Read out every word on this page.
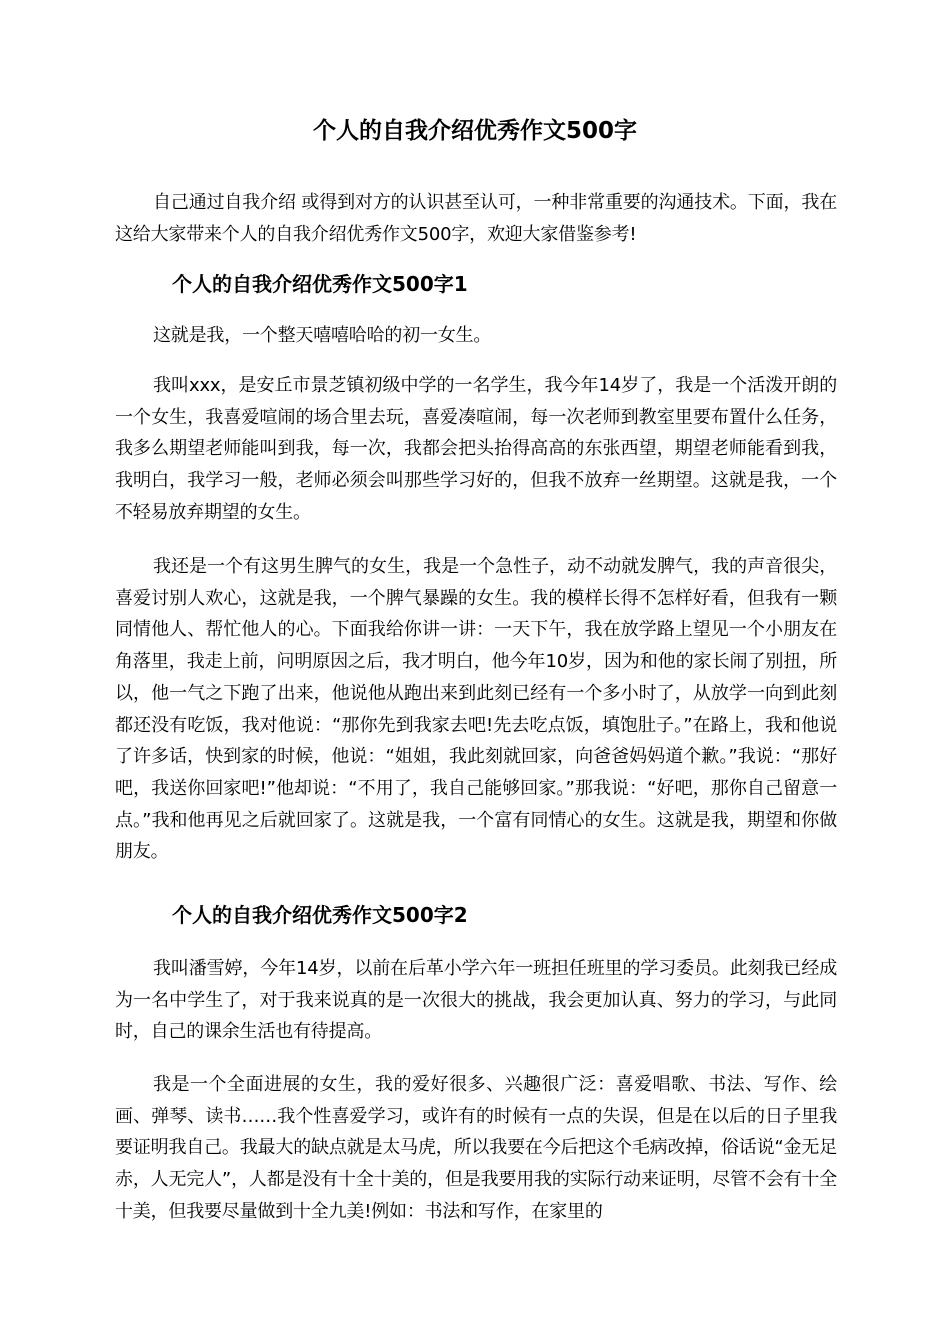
个人的自我介绍优秀作文500字
自己通过自我介绍 或得到对方的认识甚至认可，一种非常重要的沟通技术。下面，我在这给大家带来个人的自我介绍优秀作文500字，欢迎大家借鉴参考!
个人的自我介绍优秀作文500字1
这就是我，一个整天嘻嘻哈哈的初一女生。
我叫xxx，是安丘市景芝镇初级中学的一名学生，我今年14岁了，我是一个活泼开朗的一个女生，我喜爱喧闹的场合里去玩，喜爱凑喧闹，每一次老师到教室里要布置什么任务，我多么期望老师能叫到我，每一次，我都会把头抬得高高的东张西望，期望老师能看到我，我明白，我学习一般，老师必须会叫那些学习好的，但我不放弃一丝期望。这就是我，一个不轻易放弃期望的女生。
我还是一个有这男生脾气的女生，我是一个急性子，动不动就发脾气，我的声音很尖，喜爱讨别人欢心，这就是我，一个脾气暴躁的女生。我的模样长得不怎样好看，但我有一颗同情他人、帮忙他人的心。下面我给你讲一讲：一天下午，我在放学路上望见一个小朋友在角落里，我走上前，问明原因之后，我才明白，他今年10岁，因为和他的家长闹了别扭，所以，他一气之下跑了出来，他说他从跑出来到此刻已经有一个多小时了，从放学一向到此刻都还没有吃饭，我对他说：“那你先到我家去吧!先去吃点饭，填饱肚子。”在路上，我和他说了许多话，快到家的时候，他说：“姐姐，我此刻就回家，向爸爸妈妈道个歉。”我说：“那好吧，我送你回家吧!”他却说：“不用了，我自己能够回家。”那我说：“好吧，那你自己留意一点。”我和他再见之后就回家了。这就是我，一个富有同情心的女生。这就是我，期望和你做朋友。
个人的自我介绍优秀作文500字2
我叫潘雪婷，今年14岁，以前在后革小学六年一班担任班里的学习委员。此刻我已经成为一名中学生了，对于我来说真的是一次很大的挑战，我会更加认真、努力的学习，与此同时，自己的课余生活也有待提高。
我是一个全面进展的女生，我的爱好很多、兴趣很广泛：喜爱唱歌、书法、写作、绘画、弹琴、读书……我个性喜爱学习，或许有的时候有一点的失误，但是在以后的日子里我要证明我自己。我最大的缺点就是太马虎，所以我要在今后把这个毛病改掉，俗话说“金无足赤，人无完人”，人都是没有十全十美的，但是我要用我的实际行动来证明，尽管不会有十全十美，但我要尽量做到十全九美!例如：书法和写作，在家里的
